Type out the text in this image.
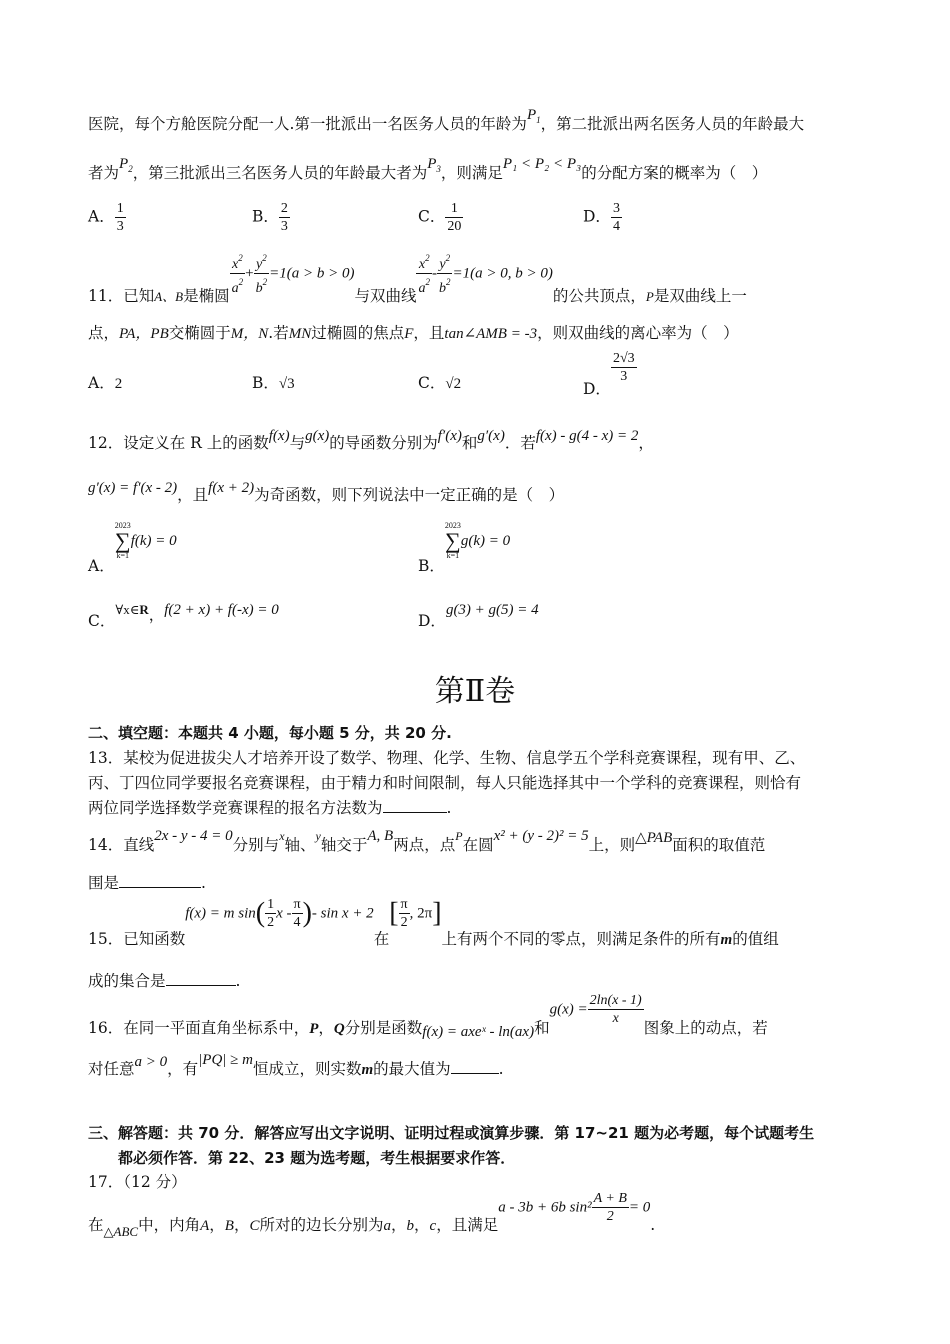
医院，每个方舱医院分配一人.第一批派出一名医务人员的年龄为$P_1$，第二批派出两名医务人员的年龄最大
者为$P_2$，第三批派出三名医务人员的年龄最大者为$P_3$，则满足P₁ < P₂ < P₃的分配方案的概率为（　）
A． $\frac{1}{3}$	B． $\frac{2}{3}$	C． $\frac{1}{20}$	D． $\frac{3}{4}$
11．已知$_{A、B}$是椭圆 $\frac{x^2}{a^2} + \frac{y^2}{b^2} =1(a > b > 0)$与双曲线 $\frac{x^2}{a^2} - \frac{y^2}{b^2} =1(a > 0$, b > 0)的公共顶点，$_P$是双曲线上一
点，PA，PB交椭圆于M，N.若MN过椭圆的焦点F，且tan∠AMB = -3，则双曲线的离心率为（　）
A．2	B．√3	C．√2	D．
$\frac{2√3}{3}$
12．设定义在 R 上的函数f(x)与g(x)的导函数分别为f′(x)和g′(x)．若f(x) - g(4 - x) = 2，
g′(x) = f′(x - 2)，且f(x + 2)为奇函数，则下列说法中一定正确的是（　）
A．
2023
∑
k=1
f(k) = 0
B．
2023
∑
k=1
g(k) = 0
C．∀x∈R，f(2 + x) + f(-x) = 0
D．g(3) + g(5) = 4
第Ⅱ卷
二、填空题：本题共 4 小题，每小题 5 分，共 20 分.
13．某校为促进拔尖人才培养开设了数学、物理、化学、生物、信息学五个学科竞赛课程，现有甲、乙、
丙、丁四位同学要报名竞赛课程，由于精力和时间限制，每人只能选择其中一个学科的竞赛课程，则恰有
两位同学选择数学竞赛课程的报名方法数为	.
14．直线2x - y - 4 = 0分别与$^x$轴、$^y$轴交于A, B两点，点$^P$在圆x² + (y - 2)² = 5上，则△PAB面积的取值范
围是	.
15．已知函数f(x) = m $\sin( \frac{1}{2}$ x - $\frac{\pi}{4}$ )- sin x + 2在[ $\frac{\pi}{2}$ , 2π]上有两个不同的零点，则满足条件的所有m的值组
成的集合是	.
16．在同一平面直角坐标系中，P，Q分别是函数f(x) = axeˣ - ln(ax)和$g(x) = \frac{2\ln(x - 1)}{x}$
图象上的动点，若
对任意a > 0，有|PQ| ≥ m恒成立，则实数m的最大值为	.
三、解答题：共 70 分．解答应写出文字说明、证明过程或演算步骤．第 17~21 题为必考题，每个试题考生
都必须作答．第 22、23 题为选考题，考生根据要求作答．
17．（12 分）
在$_{\triangle ABC}$中，内角A，B，C所对的边长分别为a，b，c，且满足a - 3b + 6b $\sin^2 \frac{A + B}{2} = 0$.
